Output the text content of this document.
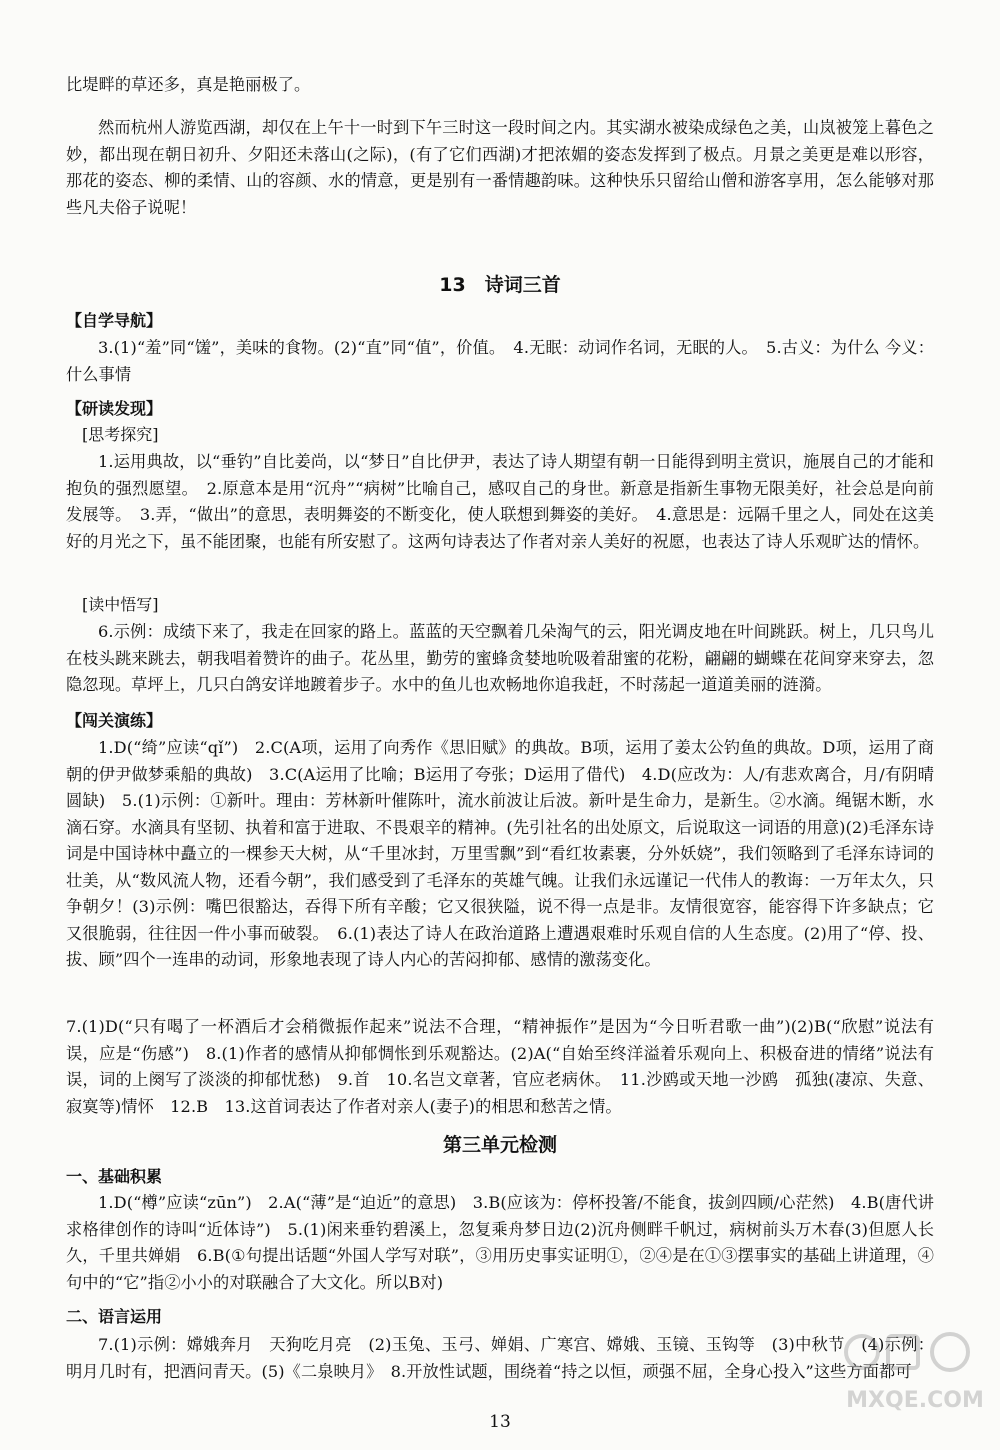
比堤畔的草还多，真是艳丽极了。

然而杭州人游览西湖，却仅在上午十一时到下午三时这一段时间之内。其实湖水被染成绿色之美，山岚被笼上暮色之妙，都出现在朝日初升、夕阳还未落山(之际)，(有了它们西湖)才把浓媚的姿态发挥到了极点。月景之美更是难以形容，那花的姿态、柳的柔情、山的容颜、水的情意，更是别有一番情趣韵味。这种快乐只留给山僧和游客享用，怎么能够对那些凡夫俗子说呢！

13　诗词三首

【自学导航】

3.(1)“羞”同“馐”，美味的食物。(2)“直”同“值”，价值。　4.无眠：动词作名词，无眠的人。　5.古义：为什么 今义：什么事情

【研读发现】

[思考探究]

1.运用典故，以“垂钓”自比姜尚，以“梦日”自比伊尹，表达了诗人期望有朝一日能得到明主赏识，施展自己的才能和抱负的强烈愿望。　2.原意本是用“沉舟”“病树”比喻自己，感叹自己的身世。新意是指新生事物无限美好，社会总是向前发展等。　3.弄，“做出”的意思，表明舞姿的不断变化，使人联想到舞姿的美好。　4.意思是：远隔千里之人，同处在这美好的月光之下，虽不能团聚，也能有所安慰了。这两句诗表达了作者对亲人美好的祝愿，也表达了诗人乐观旷达的情怀。

[读中悟写]

6.示例：成绩下来了，我走在回家的路上。蓝蓝的天空飘着几朵淘气的云，阳光调皮地在叶间跳跃。树上，几只鸟儿在枝头跳来跳去，朝我唱着赞许的曲子。花丛里，勤劳的蜜蜂贪婪地吮吸着甜蜜的花粉，翩翩的蝴蝶在花间穿来穿去，忽隐忽现。草坪上，几只白鸽安详地踱着步子。水中的鱼儿也欢畅地你追我赶，不时荡起一道道美丽的涟漪。

【闯关演练】

1.D(“绮”应读“qǐ”)　2.C(A项，运用了向秀作《思旧赋》的典故。B项，运用了姜太公钓鱼的典故。D项，运用了商朝的伊尹做梦乘船的典故)　3.C(A运用了比喻；B运用了夸张；D运用了借代)　4.D(应改为：人/有悲欢离合，月/有阴晴圆缺)　5.(1)示例：①新叶。理由：芳林新叶催陈叶，流水前波让后波。新叶是生命力，是新生。②水滴。绳锯木断，水滴石穿。水滴具有坚韧、执着和富于进取、不畏艰辛的精神。(先引社名的出处原文，后说取这一词语的用意)(2)毛泽东诗词是中国诗林中矗立的一棵参天大树，从“千里冰封，万里雪飘”到“看红妆素裹，分外妖娆”，我们领略到了毛泽东诗词的壮美，从“数风流人物，还看今朝”，我们感受到了毛泽东的英雄气魄。让我们永远谨记一代伟人的教诲：一万年太久，只争朝夕！(3)示例：嘴巴很豁达，吞得下所有辛酸；它又很狭隘，说不得一点是非。友情很宽容，能容得下许多缺点；它又很脆弱，往往因一件小事而破裂。　6.(1)表达了诗人在政治道路上遭遇艰难时乐观自信的人生态度。(2)用了“停、投、拔、顾”四个一连串的动词，形象地表现了诗人内心的苦闷抑郁、感情的激荡变化。

7.(1)D(“只有喝了一杯酒后才会稍微振作起来”说法不合理，“精神振作”是因为“今日听君歌一曲”)(2)B(“欣慰”说法有误，应是“伤感”)　8.(1)作者的感情从抑郁惆怅到乐观豁达。(2)A(“自始至终洋溢着乐观向上、积极奋进的情绪”说法有误，词的上阕写了淡淡的抑郁忧愁)　9.首　10.名岂文章著，官应老病休。　11.沙鸥或天地一沙鸥　孤独(凄凉、失意、寂寞等)情怀　12.B　13.这首词表达了作者对亲人(妻子)的相思和愁苦之情。

第三单元检测

一、基础积累

1.D(“樽”应读“zūn”)　2.A(“薄”是“迫近”的意思)　3.B(应该为：停杯投箸/不能食，拔剑四顾/心茫然)　4.B(唐代讲求格律创作的诗叫“近体诗”)　5.(1)闲来垂钓碧溪上，忽复乘舟梦日边(2)沉舟侧畔千帆过，病树前头万木春(3)但愿人长久，千里共婵娟　6.B(①句提出话题“外国人学写对联”，③用历史事实证明①，②④是在①③摆事实的基础上讲道理，④句中的“它”指②小小的对联融合了大文化。所以B对)

二、语言运用

7.(1)示例：嫦娥奔月　天狗吃月亮　(2)玉兔、玉弓、婵娟、广寒宫、嫦娥、玉镜、玉钩等　(3)中秋节　(4)示例：明月几时有，把酒问青天。(5)《二泉映月》　8.开放性试题，围绕着“持之以恒，顽强不屈，全身心投入”这些方面都可

13

MXQE.COM
